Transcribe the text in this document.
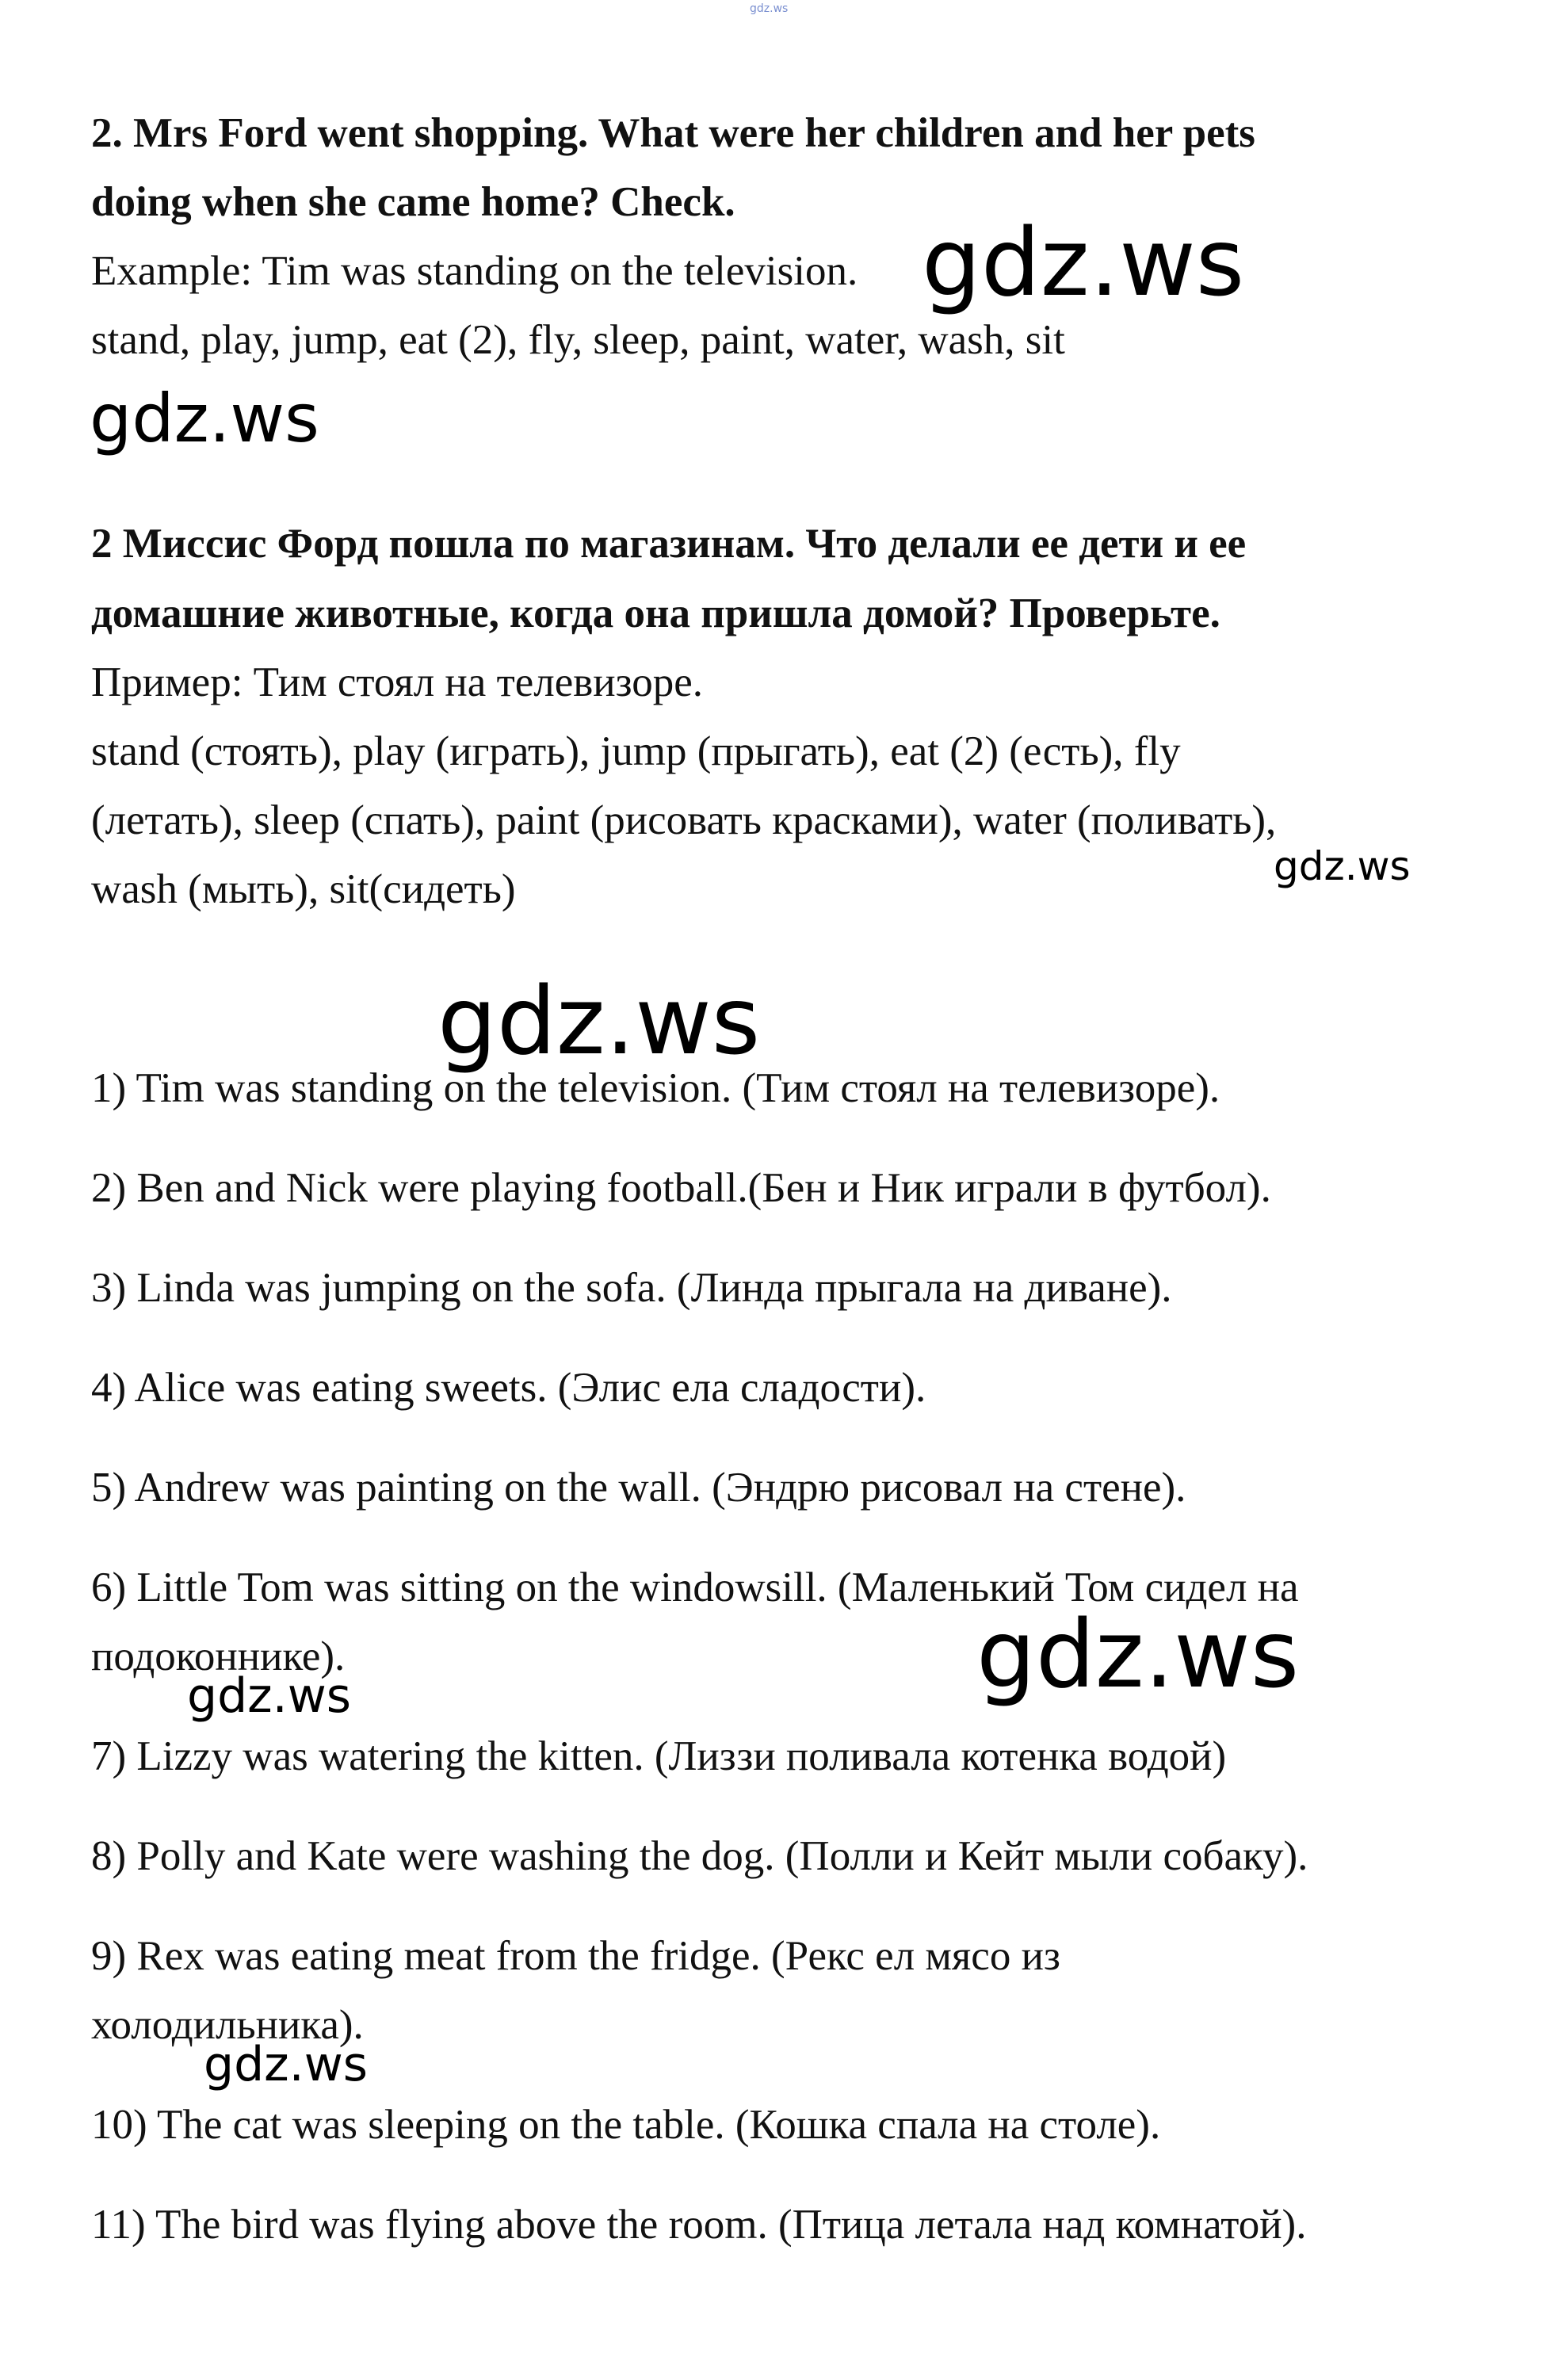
gdz.ws
2. Mrs Ford went shopping. What were her children and her pets
doing when she came home? Check.
Example: Tim was standing on the television.
stand, play, jump, eat (2), fly, sleep, paint, water, wash, sit
gdz.ws
gdz.ws
2 Миссис Форд пошла по магазинам. Что делали ее дети и ее
домашние животные, когда она пришла домой? Проверьте.
Пример: Тим стоял на телевизоре.
stand (стоять), play (играть), jump (прыгать), eat (2) (есть), fly
(летать), sleep (спать), paint (рисовать красками), water (поливать),
wash (мыть), sit(сидеть)	gdz.ws
gdz.ws
1) Tim was standing on the television. (Тим стоял на телевизоре).
2) Ben and Nick were playing football.(Бен и Ник играли в футбол).
3) Linda was jumping on the sofa. (Линда прыгала на диване).
4) Alice was eating sweets. (Элис ела сладости).
5) Andrew was painting on the wall. (Эндрю рисовал на стене).
6) Little Tom was sitting on the windowsill. (Маленький Том сидел на
подоконнике).	gdz.ws
gdz.ws
7) Lizzy was watering the kitten. (Лиззи поливала котенка водой)
8) Polly and Kate were washing the dog. (Полли и Кейт мыли собаку).
9) Rex was eating meat from the fridge. (Рекс ел мясо из
холодильника).
gdz.ws
10) The cat was sleeping on the table. (Кошка спала на столе).
11) The bird was flying above the room. (Птица летала над комнатой).
